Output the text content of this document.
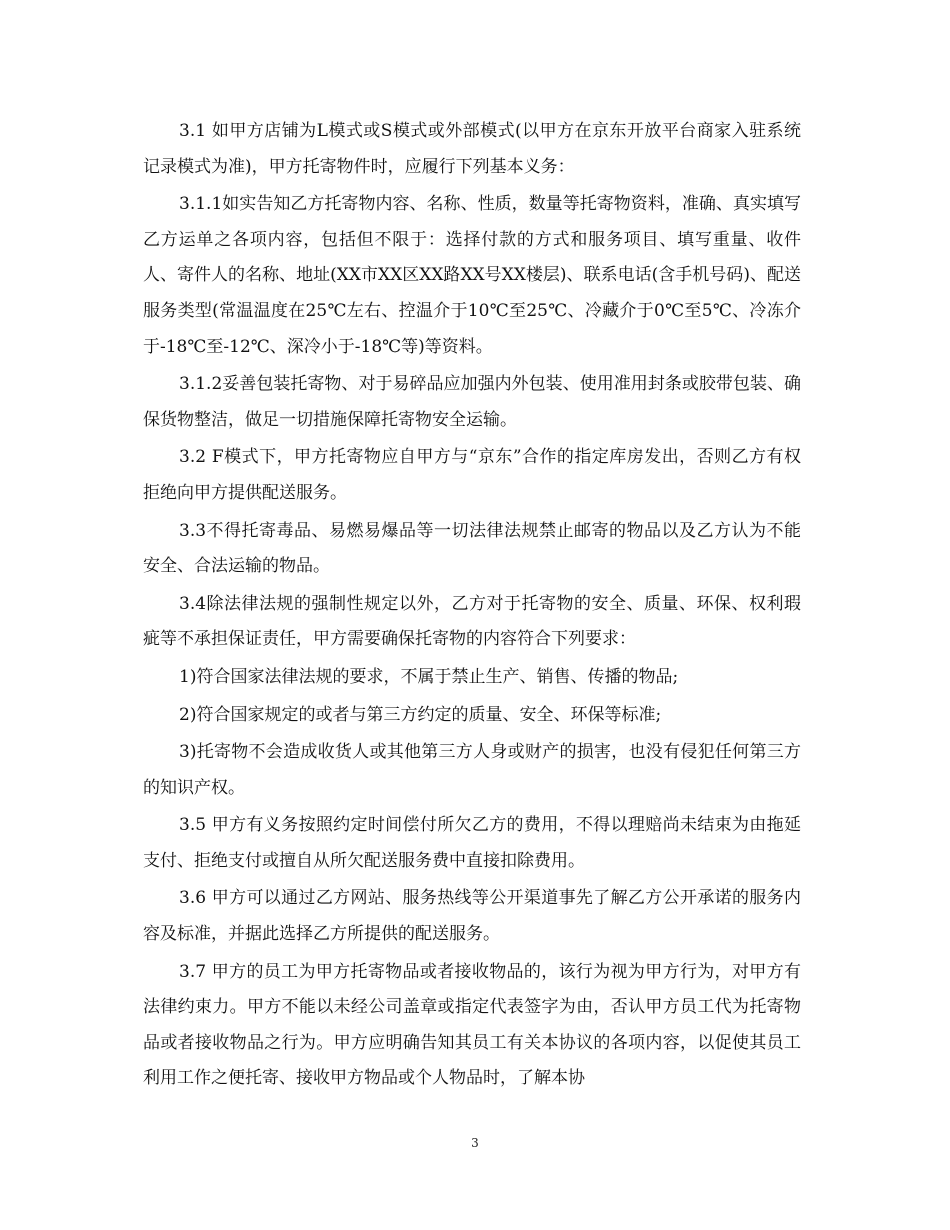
3.1 如甲方店铺为L模式或S模式或外部模式(以甲方在京东开放平台商家入驻系统记录模式为准)，甲方托寄物件时，应履行下列基本义务：

3.1.1如实告知乙方托寄物内容、名称、性质，数量等托寄物资料，准确、真实填写乙方运单之各项内容，包括但不限于：选择付款的方式和服务项目、填写重量、收件人、寄件人的名称、地址(XX市XX区XX路XX号XX楼层)、联系电话(含手机号码)、配送服务类型(常温温度在25℃左右、控温介于10℃至25℃、冷藏介于0℃至5℃、冷冻介于-18℃至-12℃、深冷小于-18℃等)等资料。

3.1.2妥善包装托寄物、对于易碎品应加强内外包装、使用准用封条或胶带包装、确保货物整洁，做足一切措施保障托寄物安全运输。

3.2 F模式下，甲方托寄物应自甲方与“京东”合作的指定库房发出，否则乙方有权拒绝向甲方提供配送服务。

3.3不得托寄毒品、易燃易爆品等一切法律法规禁止邮寄的物品以及乙方认为不能安全、合法运输的物品。

3.4除法律法规的强制性规定以外，乙方对于托寄物的安全、质量、环保、权利瑕疵等不承担保证责任，甲方需要确保托寄物的内容符合下列要求：

1)符合国家法律法规的要求，不属于禁止生产、销售、传播的物品;

2)符合国家规定的或者与第三方约定的质量、安全、环保等标准;

3)托寄物不会造成收货人或其他第三方人身或财产的损害，也没有侵犯任何第三方的知识产权。

3.5 甲方有义务按照约定时间偿付所欠乙方的费用，不得以理赔尚未结束为由拖延支付、拒绝支付或擅自从所欠配送服务费中直接扣除费用。

3.6 甲方可以通过乙方网站、服务热线等公开渠道事先了解乙方公开承诺的服务内容及标准，并据此选择乙方所提供的配送服务。

3.7 甲方的员工为甲方托寄物品或者接收物品的，该行为视为甲方行为，对甲方有法律约束力。甲方不能以未经公司盖章或指定代表签字为由，否认甲方员工代为托寄物品或者接收物品之行为。甲方应明确告知其员工有关本协议的各项内容，以促使其员工利用工作之便托寄、接收甲方物品或个人物品时，了解本协

3
